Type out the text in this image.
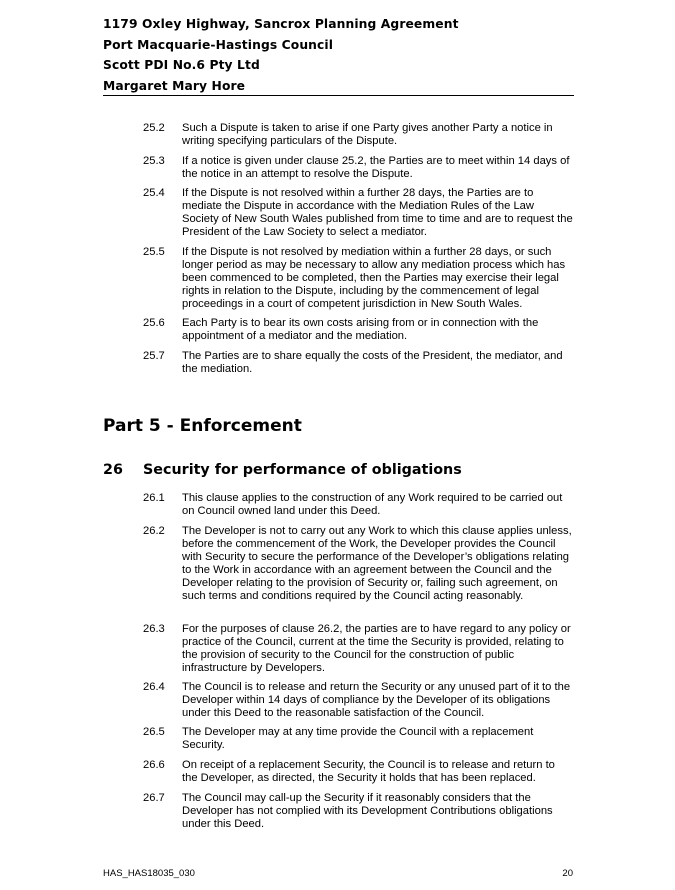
1179 Oxley Highway, Sancrox Planning Agreement
Port Macquarie-Hastings Council
Scott PDI No.6 Pty Ltd
Margaret Mary Hore
25.2	Such a Dispute is taken to arise if one Party gives another Party a notice in writing specifying particulars of the Dispute.
25.3	If a notice is given under clause 25.2, the Parties are to meet within 14 days of the notice in an attempt to resolve the Dispute.
25.4	If the Dispute is not resolved within a further 28 days, the Parties are to mediate the Dispute in accordance with the Mediation Rules of the Law Society of New South Wales published from time to time and are to request the President of the Law Society to select a mediator.
25.5	If the Dispute is not resolved by mediation within a further 28 days, or such longer period as may be necessary to allow any mediation process which has been commenced to be completed, then the Parties may exercise their legal rights in relation to the Dispute, including by the commencement of legal proceedings in a court of competent jurisdiction in New South Wales.
25.6	Each Party is to bear its own costs arising from or in connection with the appointment of a mediator and the mediation.
25.7	The Parties are to share equally the costs of the President, the mediator, and the mediation.
Part 5 - Enforcement
26 Security for performance of obligations
26.1	This clause applies to the construction of any Work required to be carried out on Council owned land under this Deed.
26.2	The Developer is not to carry out any Work to which this clause applies unless, before the commencement of the Work, the Developer provides the Council with Security to secure the performance of the Developer’s obligations relating to the Work in accordance with an agreement between the Council and the Developer relating to the provision of Security or, failing such agreement, on such terms and conditions required by the Council acting reasonably.
26.3	For the purposes of clause 26.2, the parties are to have regard to any policy or practice of the Council, current at the time the Security is provided, relating to the provision of security to the Council for the construction of public infrastructure by Developers.
26.4	The Council is to release and return the Security or any unused part of it to the Developer within 14 days of compliance by the Developer of its obligations under this Deed to the reasonable satisfaction of the Council.
26.5	The Developer may at any time provide the Council with a replacement Security.
26.6	On receipt of a replacement Security, the Council is to release and return to the Developer, as directed, the Security it holds that has been replaced.
26.7	The Council may call-up the Security if it reasonably considers that the Developer has not complied with its Development Contributions obligations under this Deed.
HAS_HAS18035_030	20
